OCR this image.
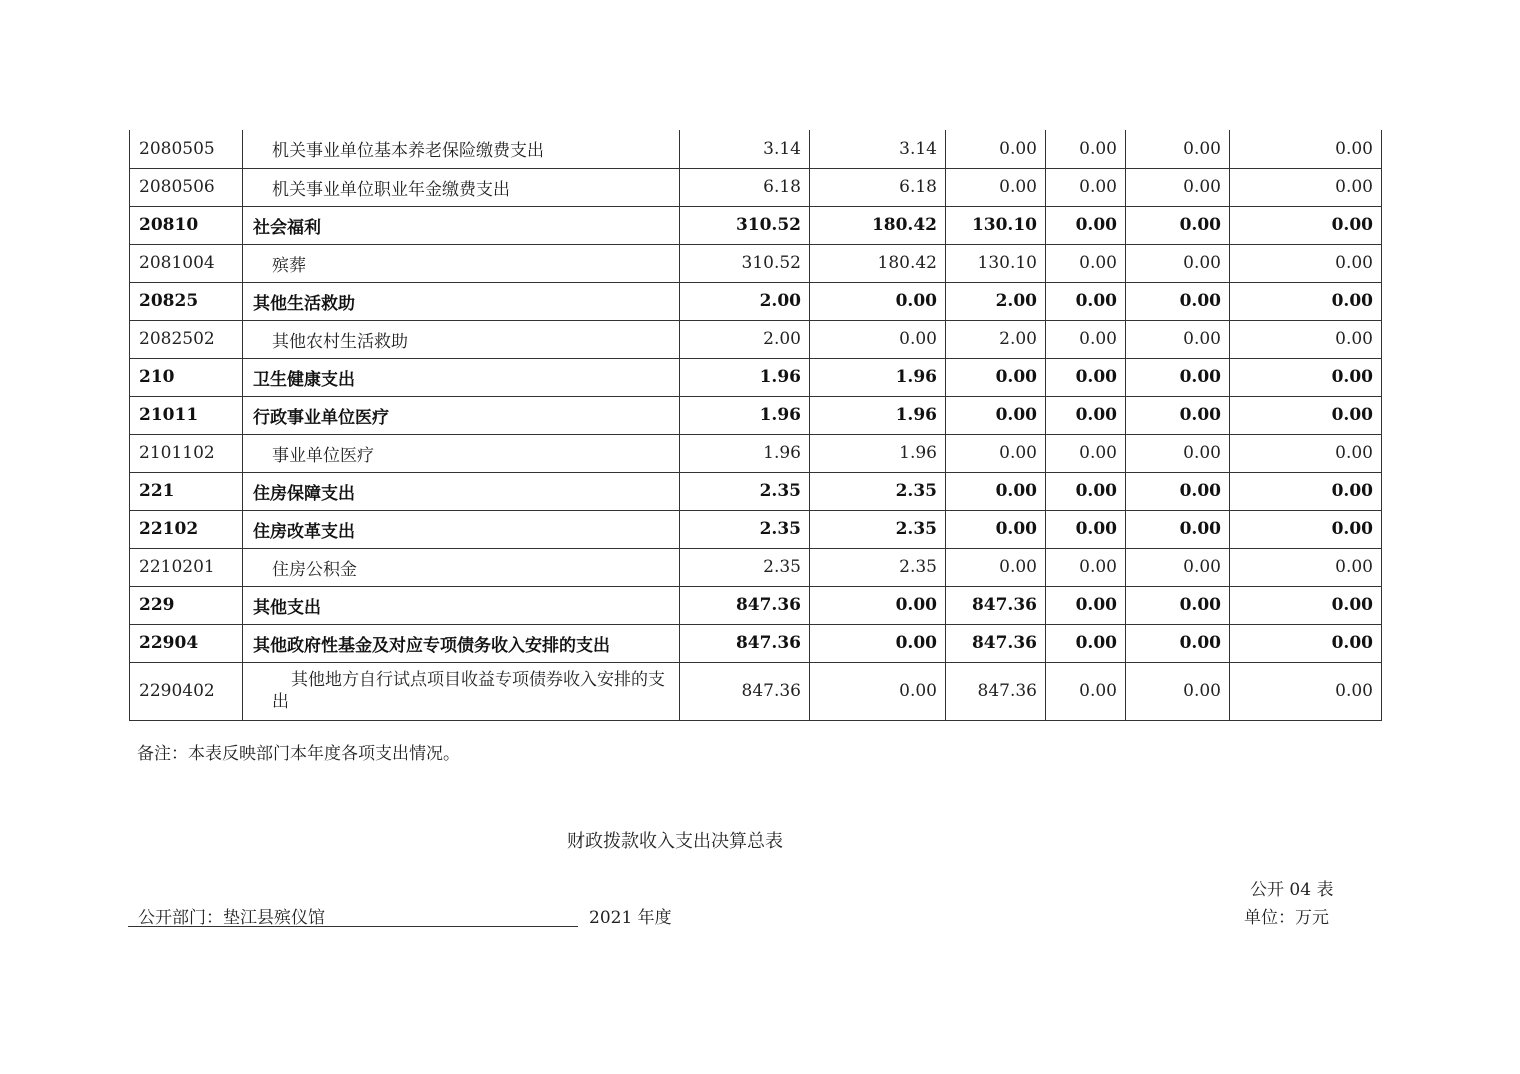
2080505	机关事业单位基本养老保险缴费支出	3.14	3.14	0.00	0.00	0.00	0.00
2080506	机关事业单位职业年金缴费支出	6.18	6.18	0.00	0.00	0.00	0.00
20810	社会福利	310.52	180.42	130.10	0.00	0.00	0.00
2081004	殡葬	310.52	180.42	130.10	0.00	0.00	0.00
20825	其他生活救助	2.00	0.00	2.00	0.00	0.00	0.00
2082502	其他农村生活救助	2.00	0.00	2.00	0.00	0.00	0.00
210	卫生健康支出	1.96	1.96	0.00	0.00	0.00	0.00
21011	行政事业单位医疗	1.96	1.96	0.00	0.00	0.00	0.00
2101102	事业单位医疗	1.96	1.96	0.00	0.00	0.00	0.00
221	住房保障支出	2.35	2.35	0.00	0.00	0.00	0.00
22102	住房改革支出	2.35	2.35	0.00	0.00	0.00	0.00
2210201	住房公积金	2.35	2.35	0.00	0.00	0.00	0.00
229	其他支出	847.36	0.00	847.36	0.00	0.00	0.00
22904	其他政府性基金及对应专项债务收入安排的支出	847.36	0.00	847.36	0.00	0.00	0.00
2290402	其他地方自行试点项目收益专项债券收入安排的支出	847.36	0.00	847.36	0.00	0.00	0.00
备注：本表反映部门本年度各项支出情况。
财政拨款收入支出决算总表
公开 04 表
公开部门：垫江县殡仪馆	2021 年度	单位：万元
